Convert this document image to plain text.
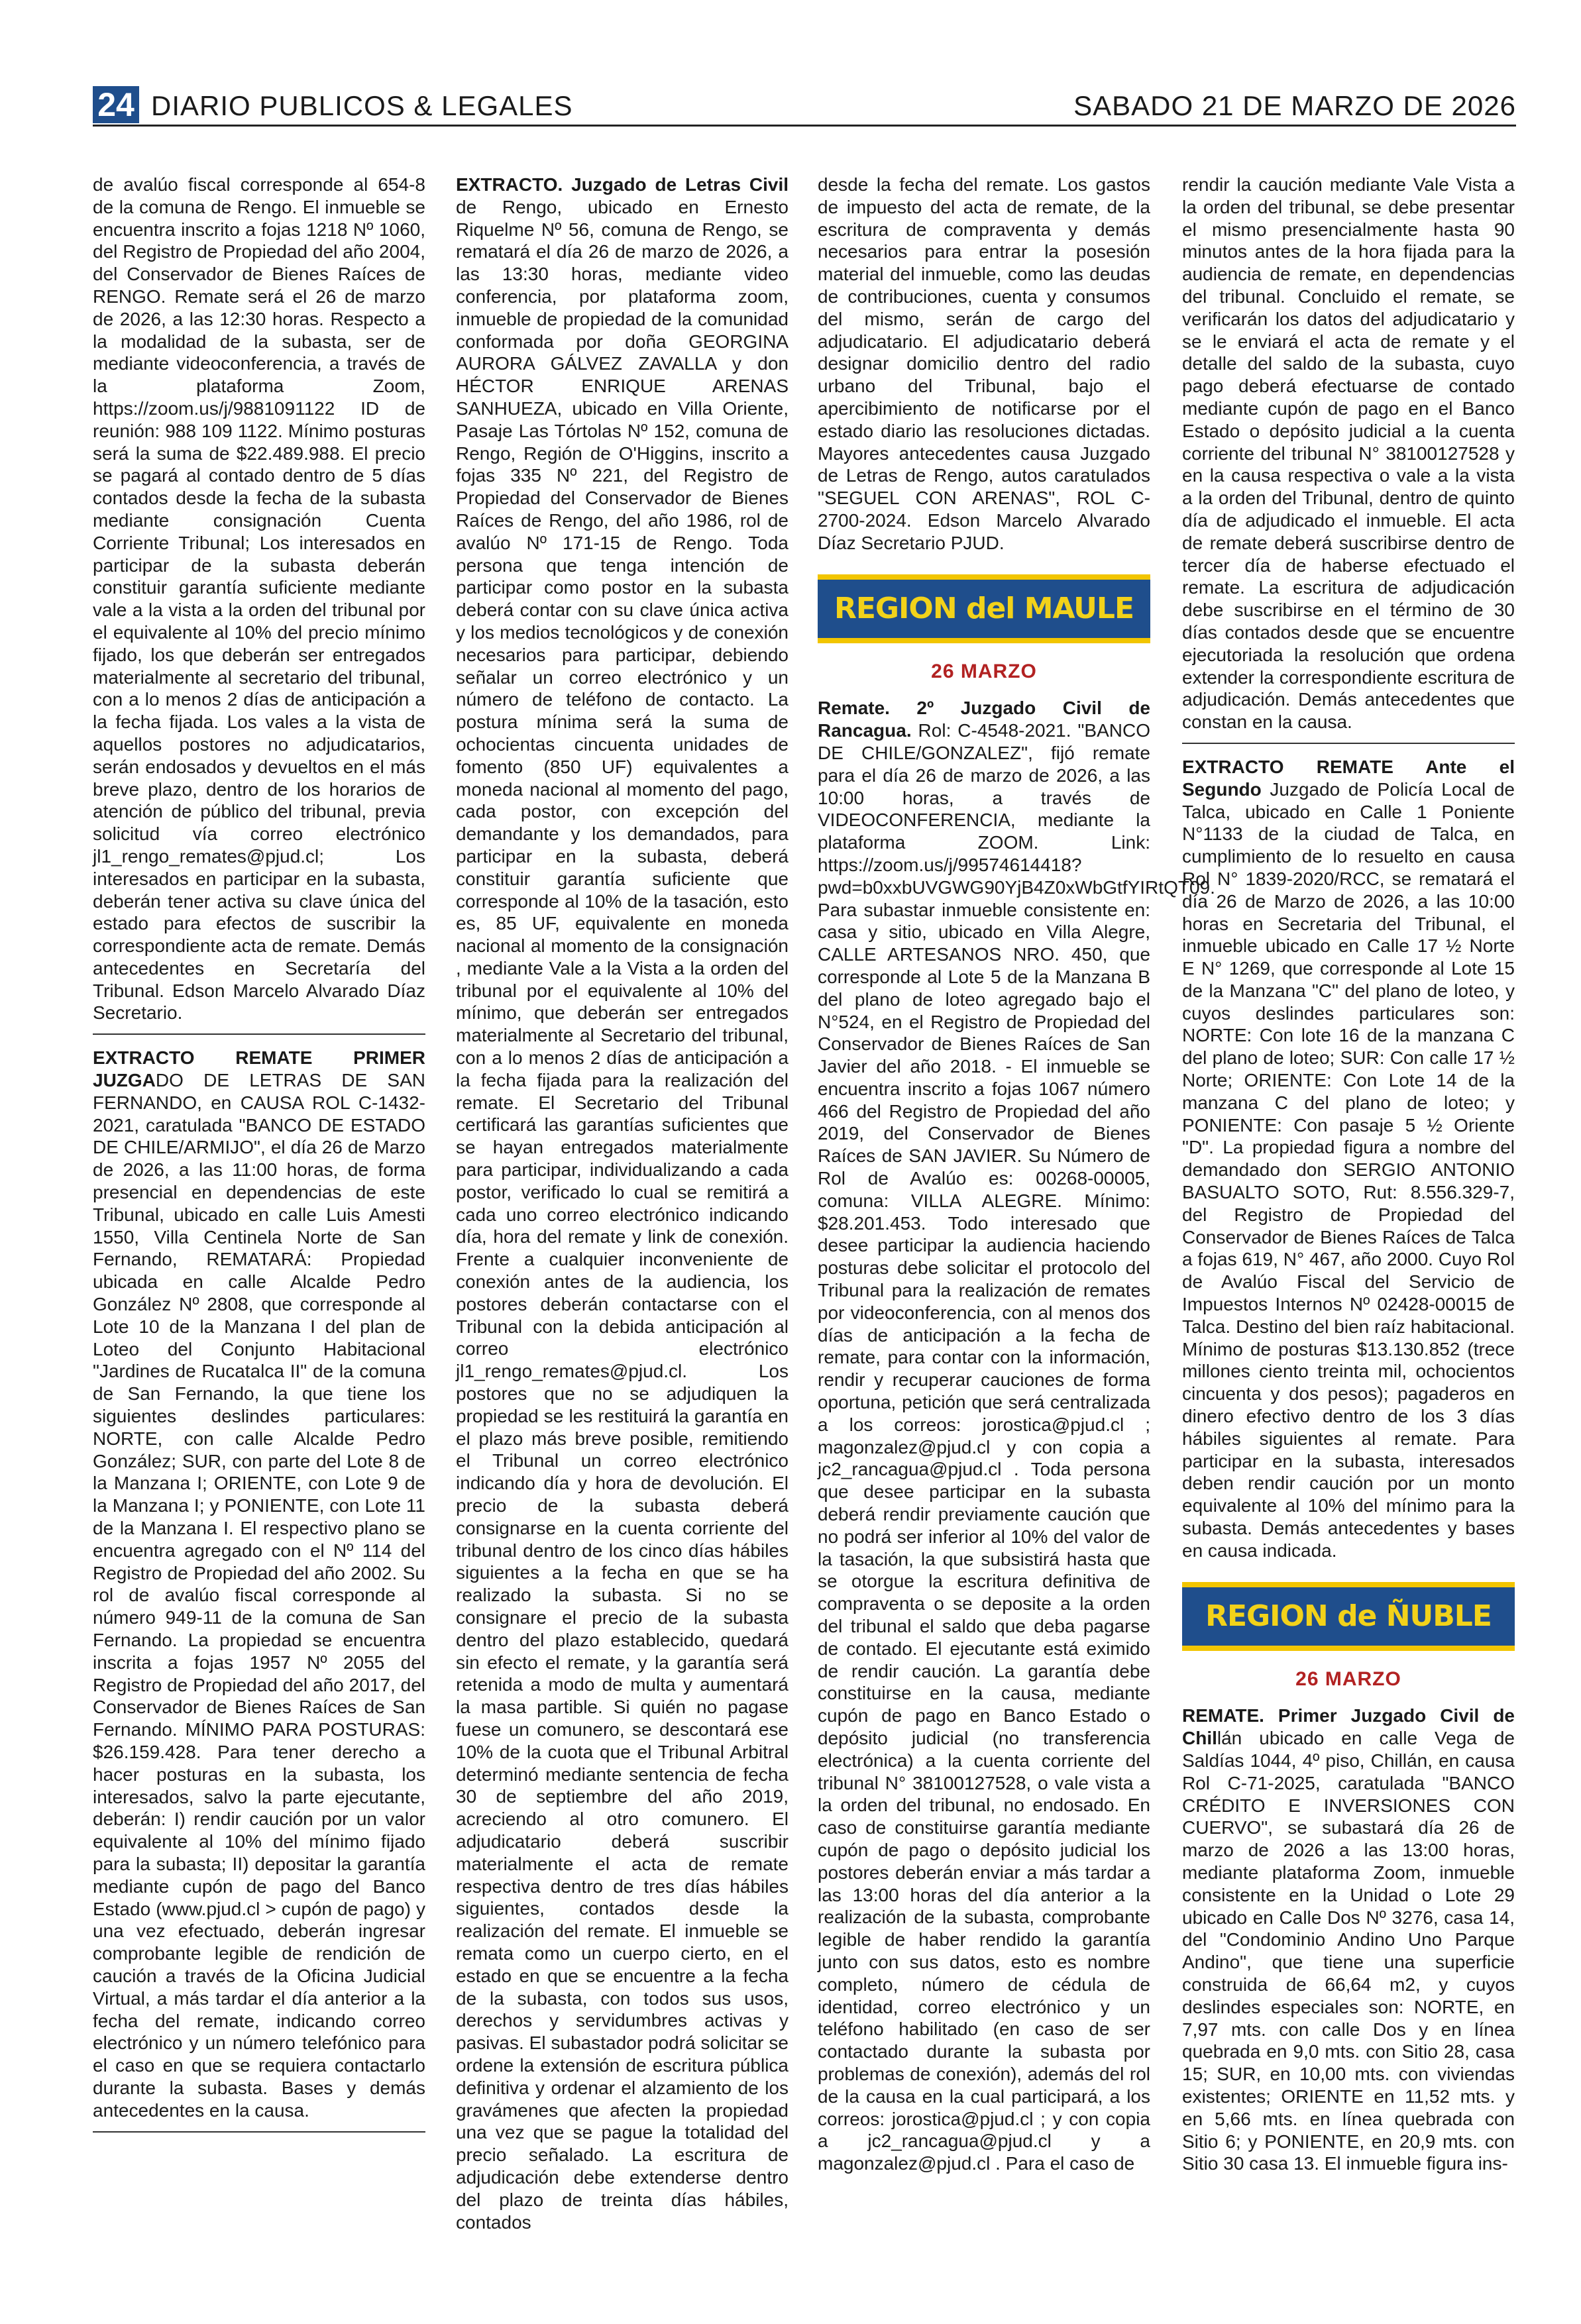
24 DIARIO PUBLICOS & LEGALES	SABADO 21 DE MARZO DE 2026

de avalúo fiscal corresponde al 654-8 de la comuna de Rengo. El inmueble se encuentra inscrito a fojas 1218 Nº 1060, del Registro de Propiedad del año 2004, del Conservador de Bienes Raíces de RENGO. Remate será el 26 de marzo de 2026, a las 12:30 horas. Respecto a la modalidad de la subasta, ser de mediante videoconferencia, a través de la plataforma Zoom, https://zoom.us/j/9881091122 ID de reunión: 988 109 1122. Mínimo posturas será la suma de $22.489.988. El precio se pagará al contado dentro de 5 días contados desde la fecha de la subasta mediante consignación Cuenta Corriente Tribunal; Los interesados en participar de la subasta deberán constituir garantía suficiente mediante vale a la vista a la orden del tribunal por el equivalente al 10% del precio mínimo fijado, los que deberán ser entregados materialmente al secretario del tribunal, con a lo menos 2 días de anticipación a la fecha fijada. Los vales a la vista de aquellos postores no adjudicatarios, serán endosados y devueltos en el más breve plazo, dentro de los horarios de atención de público del tribunal, previa solicitud vía correo electrónico jl1_rengo_remates@pjud.cl; Los interesados en participar en la subasta, deberán tener activa su clave única del estado para efectos de suscribir la correspondiente acta de remate. Demás antecedentes en Secretaría del Tribunal. Edson Marcelo Alvarado Díaz Secretario.

EXTRACTO REMATE PRIMER JUZGADO DE LETRAS DE SAN FERNANDO, en CAUSA ROL C-1432-2021, caratulada "BANCO DE ESTADO DE CHILE/ARMIJO", el día 26 de Marzo de 2026, a las 11:00 horas, de forma presencial en dependencias de este Tribunal, ubicado en calle Luis Amesti 1550, Villa Centinela Norte de San Fernando, REMATARÁ: Propiedad ubicada en calle Alcalde Pedro González Nº 2808, que corresponde al Lote 10 de la Manzana I del plan de Loteo del Conjunto Habitacional "Jardines de Rucatalca II" de la comuna de San Fernando, la que tiene los siguientes deslindes particulares: NORTE, con calle Alcalde Pedro González; SUR, con parte del Lote 8 de la Manzana I; ORIENTE, con Lote 9 de la Manzana I; y PONIENTE, con Lote 11 de la Manzana I. El respectivo plano se encuentra agregado con el Nº 114 del Registro de Propiedad del año 2002. Su rol de avalúo fiscal corresponde al número 949-11 de la comuna de San Fernando. La propiedad se encuentra inscrita a fojas 1957 Nº 2055 del Registro de Propiedad del año 2017, del Conservador de Bienes Raíces de San Fernando. MÍNIMO PARA POSTURAS: $26.159.428. Para tener derecho a hacer posturas en la subasta, los interesados, salvo la parte ejecutante, deberán: I) rendir caución por un valor equivalente al 10% del mínimo fijado para la subasta; II) depositar la garantía mediante cupón de pago del Banco Estado (www.pjud.cl > cupón de pago) y una vez efectuado, deberán ingresar comprobante legible de rendición de caución a través de la Oficina Judicial Virtual, a más tardar el día anterior a la fecha del remate, indicando correo electrónico y un número telefónico para el caso en que se requiera contactarlo durante la subasta. Bases y demás antecedentes en la causa.

EXTRACTO. Juzgado de Letras Civil de Rengo, ubicado en Ernesto Riquelme Nº 56, comuna de Rengo, se rematará el día 26 de marzo de 2026, a las 13:30 horas, mediante video conferencia, por plataforma zoom, inmueble de propiedad de la comunidad conformada por doña GEORGINA AURORA GÁLVEZ ZAVALLA y don HÉCTOR ENRIQUE ARENAS SANHUEZA, ubicado en Villa Oriente, Pasaje Las Tórtolas Nº 152, comuna de Rengo, Región de O'Higgins, inscrito a fojas 335 Nº 221, del Registro de Propiedad del Conservador de Bienes Raíces de Rengo, del año 1986, rol de avalúo Nº 171-15 de Rengo. Toda persona que tenga intención de participar como postor en la subasta deberá contar con su clave única activa y los medios tecnológicos y de conexión necesarios para participar, debiendo señalar un correo electrónico y un número de teléfono de contacto. La postura mínima será la suma de ochocientas cincuenta unidades de fomento (850 UF) equivalentes a moneda nacional al momento del pago, cada postor, con excepción del demandante y los demandados, para participar en la subasta, deberá constituir garantía suficiente que corresponde al 10% de la tasación, esto es, 85 UF, equivalente en moneda nacional al momento de la consignación , mediante Vale a la Vista a la orden del tribunal por el equivalente al 10% del mínimo, que deberán ser entregados materialmente al Secretario del tribunal, con a lo menos 2 días de anticipación a la fecha fijada para la realización del remate. El Secretario del Tribunal certificará las garantías suficientes que se hayan entregados materialmente para participar, individualizando a cada postor, verificado lo cual se remitirá a cada uno correo electrónico indicando día, hora del remate y link de conexión. Frente a cualquier inconveniente de conexión antes de la audiencia, los postores deberán contactarse con el Tribunal con la debida anticipación al correo electrónico jl1_rengo_remates@pjud.cl. Los postores que no se adjudiquen la propiedad se les restituirá la garantía en el plazo más breve posible, remitiendo el Tribunal un correo electrónico indicando día y hora de devolución. El precio de la subasta deberá consignarse en la cuenta corriente del tribunal dentro de los cinco días hábiles siguientes a la fecha en que se ha realizado la subasta. Si no se consignare el precio de la subasta dentro del plazo establecido, quedará sin efecto el remate, y la garantía será retenida a modo de multa y aumentará la masa partible. Si quién no pagase fuese un comunero, se descontará ese 10% de la cuota que el Tribunal Arbitral determinó mediante sentencia de fecha 30 de septiembre del año 2019, acreciendo al otro comunero. El adjudicatario deberá suscribir materialmente el acta de remate respectiva dentro de tres días hábiles siguientes, contados desde la realización del remate. El inmueble se remata como un cuerpo cierto, en el estado en que se encuentre a la fecha de la subasta, con todos sus usos, derechos y servidumbres activas y pasivas. El subastador podrá solicitar se ordene la extensión de escritura pública definitiva y ordenar el alzamiento de los gravámenes que afecten la propiedad una vez que se pague la totalidad del precio señalado. La escritura de adjudicación debe extenderse dentro del plazo de treinta días hábiles, contados

desde la fecha del remate. Los gastos de impuesto del acta de remate, de la escritura de compraventa y demás necesarios para entrar la posesión material del inmueble, como las deudas de contribuciones, cuenta y consumos del mismo, serán de cargo del adjudicatario. El adjudicatario deberá designar domicilio dentro del radio urbano del Tribunal, bajo el apercibimiento de notificarse por el estado diario las resoluciones dictadas. Mayores antecedentes causa Juzgado de Letras de Rengo, autos caratulados "SEGUEL CON ARENAS", ROL C-2700-2024. Edson Marcelo Alvarado Díaz Secretario PJUD.

REGION del MAULE
26 MARZO

Remate. 2º Juzgado Civil de Rancagua. Rol: C-4548-2021. "BANCO DE CHILE/GONZALEZ", fijó remate para el día 26 de marzo de 2026, a las 10:00 horas, a través de VIDEOCONFERENCIA, mediante la plataforma ZOOM. Link: https://zoom.us/j/99574614418? pwd=b0xxbUVGWG90YjB4Z0xWbGtfYIRtQT09. Para subastar inmueble consistente en: casa y sitio, ubicado en Villa Alegre, CALLE ARTESANOS NRO. 450, que corresponde al Lote 5 de la Manzana B del plano de loteo agregado bajo el N°524, en el Registro de Propiedad del Conservador de Bienes Raíces de San Javier del año 2018. - El inmueble se encuentra inscrito a fojas 1067 número 466 del Registro de Propiedad del año 2019, del Conservador de Bienes Raíces de SAN JAVIER. Su Número de Rol de Avalúo es: 00268-00005, comuna: VILLA ALEGRE. Mínimo: $28.201.453. Todo interesado que desee participar la audiencia haciendo posturas debe solicitar el protocolo del Tribunal para la realización de remates por videoconferencia, con al menos dos días de anticipación a la fecha de remate, para contar con la información, rendir y recuperar cauciones de forma oportuna, petición que será centralizada a los correos: jorostica@pjud.cl ; magonzalez@pjud.cl y con copia a jc2_rancagua@pjud.cl . Toda persona que desee participar en la subasta deberá rendir previamente caución que no podrá ser inferior al 10% del valor de la tasación, la que subsistirá hasta que se otorgue la escritura definitiva de compraventa o se deposite a la orden del tribunal el saldo que deba pagarse de contado. El ejecutante está eximido de rendir caución. La garantía debe constituirse en la causa, mediante cupón de pago en Banco Estado o depósito judicial (no transferencia electrónica) a la cuenta corriente del tribunal N° 38100127528, o vale vista a la orden del tribunal, no endosado. En caso de constituirse garantía mediante cupón de pago o depósito judicial los postores deberán enviar a más tardar a las 13:00 horas del día anterior a la realización de la subasta, comprobante legible de haber rendido la garantía junto con sus datos, esto es nombre completo, número de cédula de identidad, correo electrónico y un teléfono habilitado (en caso de ser contactado durante la subasta por problemas de conexión), además del rol de la causa en la cual participará, a los correos: jorostica@pjud.cl ; y con copia a jc2_rancagua@pjud.cl y a magonzalez@pjud.cl . Para el caso de

rendir la caución mediante Vale Vista a la orden del tribunal, se debe presentar el mismo presencialmente hasta 90 minutos antes de la hora fijada para la audiencia de remate, en dependencias del tribunal. Concluido el remate, se verificarán los datos del adjudicatario y se le enviará el acta de remate y el detalle del saldo de la subasta, cuyo pago deberá efectuarse de contado mediante cupón de pago en el Banco Estado o depósito judicial a la cuenta corriente del tribunal N° 38100127528 y en la causa respectiva o vale a la vista a la orden del Tribunal, dentro de quinto día de adjudicado el inmueble. El acta de remate deberá suscribirse dentro de tercer día de haberse efectuado el remate. La escritura de adjudicación debe suscribirse en el término de 30 días contados desde que se encuentre ejecutoriada la resolución que ordena extender la correspondiente escritura de adjudicación. Demás antecedentes que constan en la causa.

EXTRACTO REMATE Ante el Segundo Juzgado de Policía Local de Talca, ubicado en Calle 1 Poniente N°1133 de la ciudad de Talca, en cumplimiento de lo resuelto en causa Rol N° 1839-2020/RCC, se rematará el día 26 de Marzo de 2026, a las 10:00 horas en Secretaria del Tribunal, el inmueble ubicado en Calle 17 ½ Norte E N° 1269, que corresponde al Lote 15 de la Manzana "C" del plano de loteo, y cuyos deslindes particulares son: NORTE: Con lote 16 de la manzana C del plano de loteo; SUR: Con calle 17 ½ Norte; ORIENTE: Con Lote 14 de la manzana C del plano de loteo; y PONIENTE: Con pasaje 5 ½ Oriente "D". La propiedad figura a nombre del demandado don SERGIO ANTONIO BASUALTO SOTO, Rut: 8.556.329-7, del Registro de Propiedad del Conservador de Bienes Raíces de Talca a fojas 619, N° 467, año 2000. Cuyo Rol de Avalúo Fiscal del Servicio de Impuestos Internos Nº 02428-00015 de Talca. Destino del bien raíz habitacional. Mínimo de posturas $13.130.852 (trece millones ciento treinta mil, ochocientos cincuenta y dos pesos); pagaderos en dinero efectivo dentro de los 3 días hábiles siguientes al remate. Para participar en la subasta, interesados deben rendir caución por un monto equivalente al 10% del mínimo para la subasta. Demás antecedentes y bases en causa indicada.

REGION de ÑUBLE
26 MARZO

REMATE. Primer Juzgado Civil de Chillán ubicado en calle Vega de Saldías 1044, 4º piso, Chillán, en causa Rol C-71-2025, caratulada "BANCO CRÉDITO E INVERSIONES CON CUERVO", se subastará día 26 de marzo de 2026 a las 13:00 horas, mediante plataforma Zoom, inmueble consistente en la Unidad o Lote 29 ubicado en Calle Dos Nº 3276, casa 14, del "Condominio Andino Uno Parque Andino", que tiene una superficie construida de 66,64 m2, y cuyos deslindes especiales son: NORTE, en 7,97 mts. con calle Dos y en línea quebrada en 9,0 mts. con Sitio 28, casa 15; SUR, en 10,00 mts. con viviendas existentes; ORIENTE en 11,52 mts. y en 5,66 mts. en línea quebrada con Sitio 6; y PONIENTE, en 20,9 mts. con Sitio 30 casa 13. El inmueble figura ins-
